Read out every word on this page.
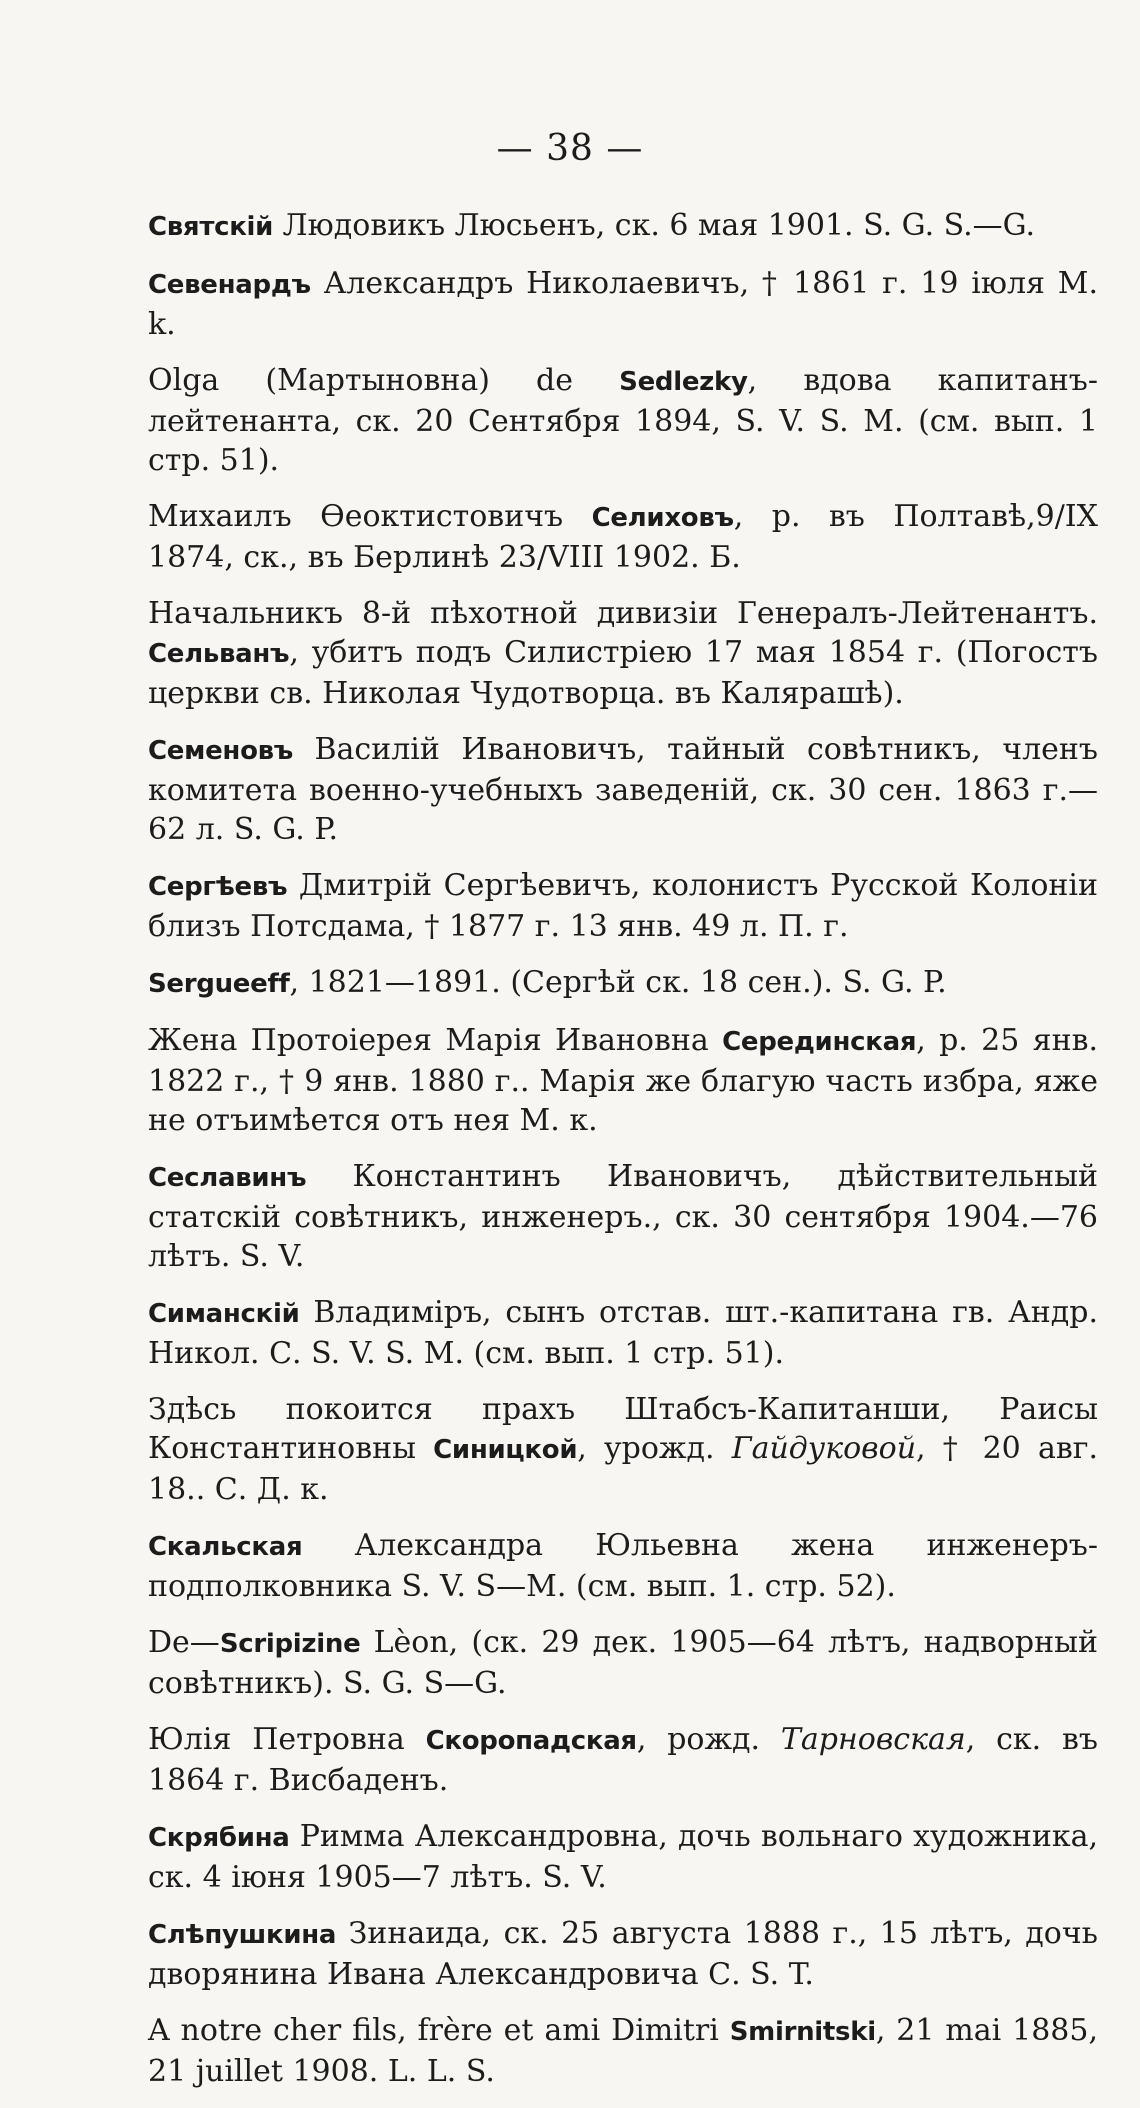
— 38 —

Святскій Людовикъ Люсьенъ, ск. 6 мая 1901. S. G. S.—G.

Севенардъ Александръ Николаевичъ, † 1861 г. 19 іюля М. k.

Olga (Мартыновна) de Sedlezky, вдова капитанъ-лейтенанта, ск. 20 Сентября 1894, S. V. S. M. (см. вып. 1 стр. 51).

Михаилъ Өеоктистовичъ Селиховъ, р. въ Полтавѣ,9/IX 1874, ск., въ Берлинѣ 23/VIII 1902. Б.

Начальникъ 8-й пѣхотной дивизіи Генералъ-Лейтенантъ. Сельванъ, убитъ подъ Силистріею 17 мая 1854 г. (Погостъ церкви св. Николая Чудотворца. въ Калярашѣ).

Семеновъ Василій Ивановичъ, тайный совѣтникъ, членъ комитета военно-учебныхъ заведеній, ск. 30 сен. 1863 г.—62 л. S. G. P.

Сергѣевъ Дмитрій Сергѣевичъ, колонистъ Русской Колоніи близъ Потсдама, † 1877 г. 13 янв. 49 л. П. г.

Sergueeff, 1821—1891. (Сергѣй ск. 18 сен.). S. G. P.

Жена Протоіерея Марія Ивановна Серединская, р. 25 янв. 1822 г., † 9 янв. 1880 г.. Марія же благую часть избра, яже не отъимѣется отъ нея М. к.

Сеславинъ Константинъ Ивановичъ, дѣйствительный статскій совѣтникъ, инженеръ., ск. 30 сентября 1904.—76 лѣтъ. S. V.

Симанскій Владиміръ, сынъ отстав. шт.-капитана гв. Андр. Никол. С. S. V. S. M. (см. вып. 1 стр. 51).

Здѣсь покоится прахъ Штабсъ-Капитанши, Раисы Константиновны Синицкой, урожд. Гайдуковой, † 20 авг. 18.. С. Д. к.

Скальская Александра Юльевна жена инженеръ-подполковника S. V. S—M. (см. вып. 1. стр. 52).

De—Scripizine Lèon, (ск. 29 дек. 1905—64 лѣтъ, надворный совѣтникъ). S. G. S—G.

Юлія Петровна Скоропадская, рожд. Тарновская, ск. въ 1864 г. Висбаденъ.

Скрябина Римма Александровна, дочь вольнаго художника, ск. 4 іюня 1905—7 лѣтъ. S. V.

Слѣпушкина Зинаида, ск. 25 августа 1888 г., 15 лѣтъ, дочь дворянина Ивана Александровича С. S. T.

A notre cher fils, frère et ami Dimitri Smirnitski, 21 mai 1885, 21 juillet 1908. L. L. S.
